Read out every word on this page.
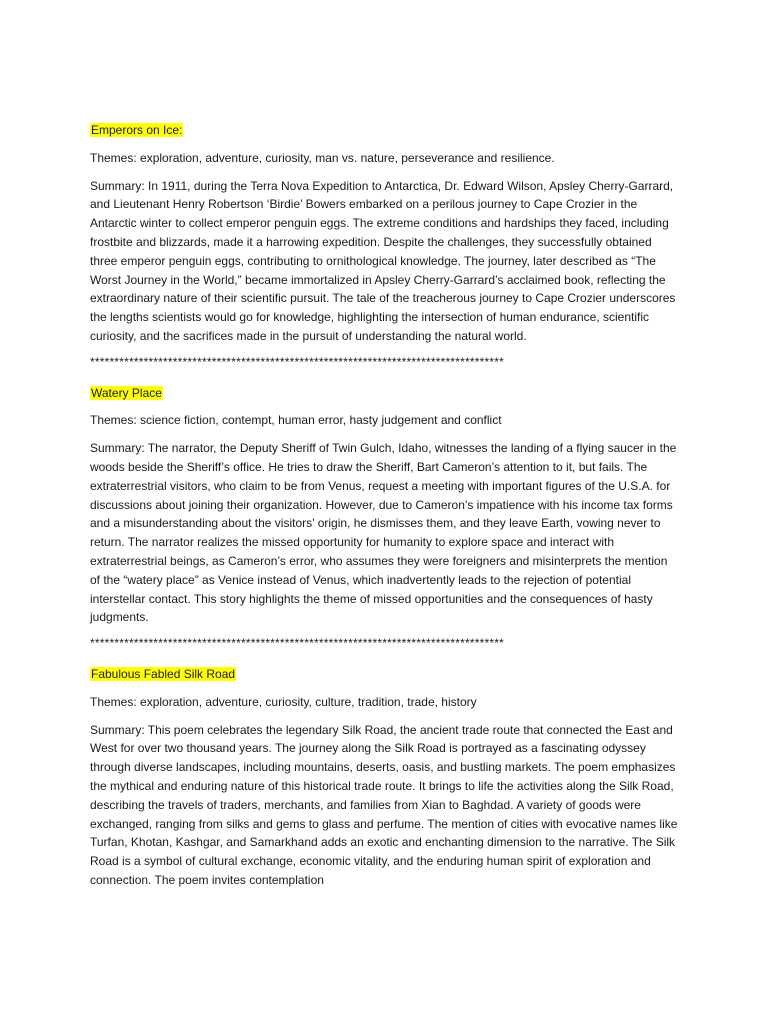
Emperors on Ice:

Themes: exploration, adventure, curiosity, man vs. nature, perseverance and resilience.

Summary: In 1911, during the Terra Nova Expedition to Antarctica, Dr. Edward Wilson, Apsley Cherry-Garrard, and Lieutenant Henry Robertson ‘Birdie’ Bowers embarked on a perilous journey to Cape Crozier in the Antarctic winter to collect emperor penguin eggs. The extreme conditions and hardships they faced, including frostbite and blizzards, made it a harrowing expedition. Despite the challenges, they successfully obtained three emperor penguin eggs, contributing to ornithological knowledge. The journey, later described as “The Worst Journey in the World,” became immortalized in Apsley Cherry-Garrard’s acclaimed book, reflecting the extraordinary nature of their scientific pursuit. The tale of the treacherous journey to Cape Crozier underscores the lengths scientists would go for knowledge, highlighting the intersection of human endurance, scientific curiosity, and the sacrifices made in the pursuit of understanding the natural world.

*************************************************************************************

Watery Place

Themes: science fiction, contempt, human error, hasty judgement and conflict

Summary: The narrator, the Deputy Sheriff of Twin Gulch, Idaho, witnesses the landing of a flying saucer in the woods beside the Sheriff’s office. He tries to draw the Sheriff, Bart Cameron’s attention to it, but fails. The extraterrestrial visitors, who claim to be from Venus, request a meeting with important figures of the U.S.A. for discussions about joining their organization. However, due to Cameron’s impatience with his income tax forms and a misunderstanding about the visitors’ origin, he dismisses them, and they leave Earth, vowing never to return. The narrator realizes the missed opportunity for humanity to explore space and interact with extraterrestrial beings, as Cameron’s error, who assumes they were foreigners and misinterprets the mention of the “watery place” as Venice instead of Venus, which inadvertently leads to the rejection of potential interstellar contact. This story highlights the theme of missed opportunities and the consequences of hasty judgments.

*************************************************************************************

Fabulous Fabled Silk Road

Themes: exploration, adventure, curiosity, culture, tradition, trade, history

Summary: This poem celebrates the legendary Silk Road, the ancient trade route that connected the East and West for over two thousand years. The journey along the Silk Road is portrayed as a fascinating odyssey through diverse landscapes, including mountains, deserts, oasis, and bustling markets. The poem emphasizes the mythical and enduring nature of this historical trade route. It brings to life the activities along the Silk Road, describing the travels of traders, merchants, and families from Xian to Baghdad. A variety of goods were exchanged, ranging from silks and gems to glass and perfume. The mention of cities with evocative names like Turfan, Khotan, Kashgar, and Samarkhand adds an exotic and enchanting dimension to the narrative. The Silk Road is a symbol of cultural exchange, economic vitality, and the enduring human spirit of exploration and connection. The poem invites contemplation
